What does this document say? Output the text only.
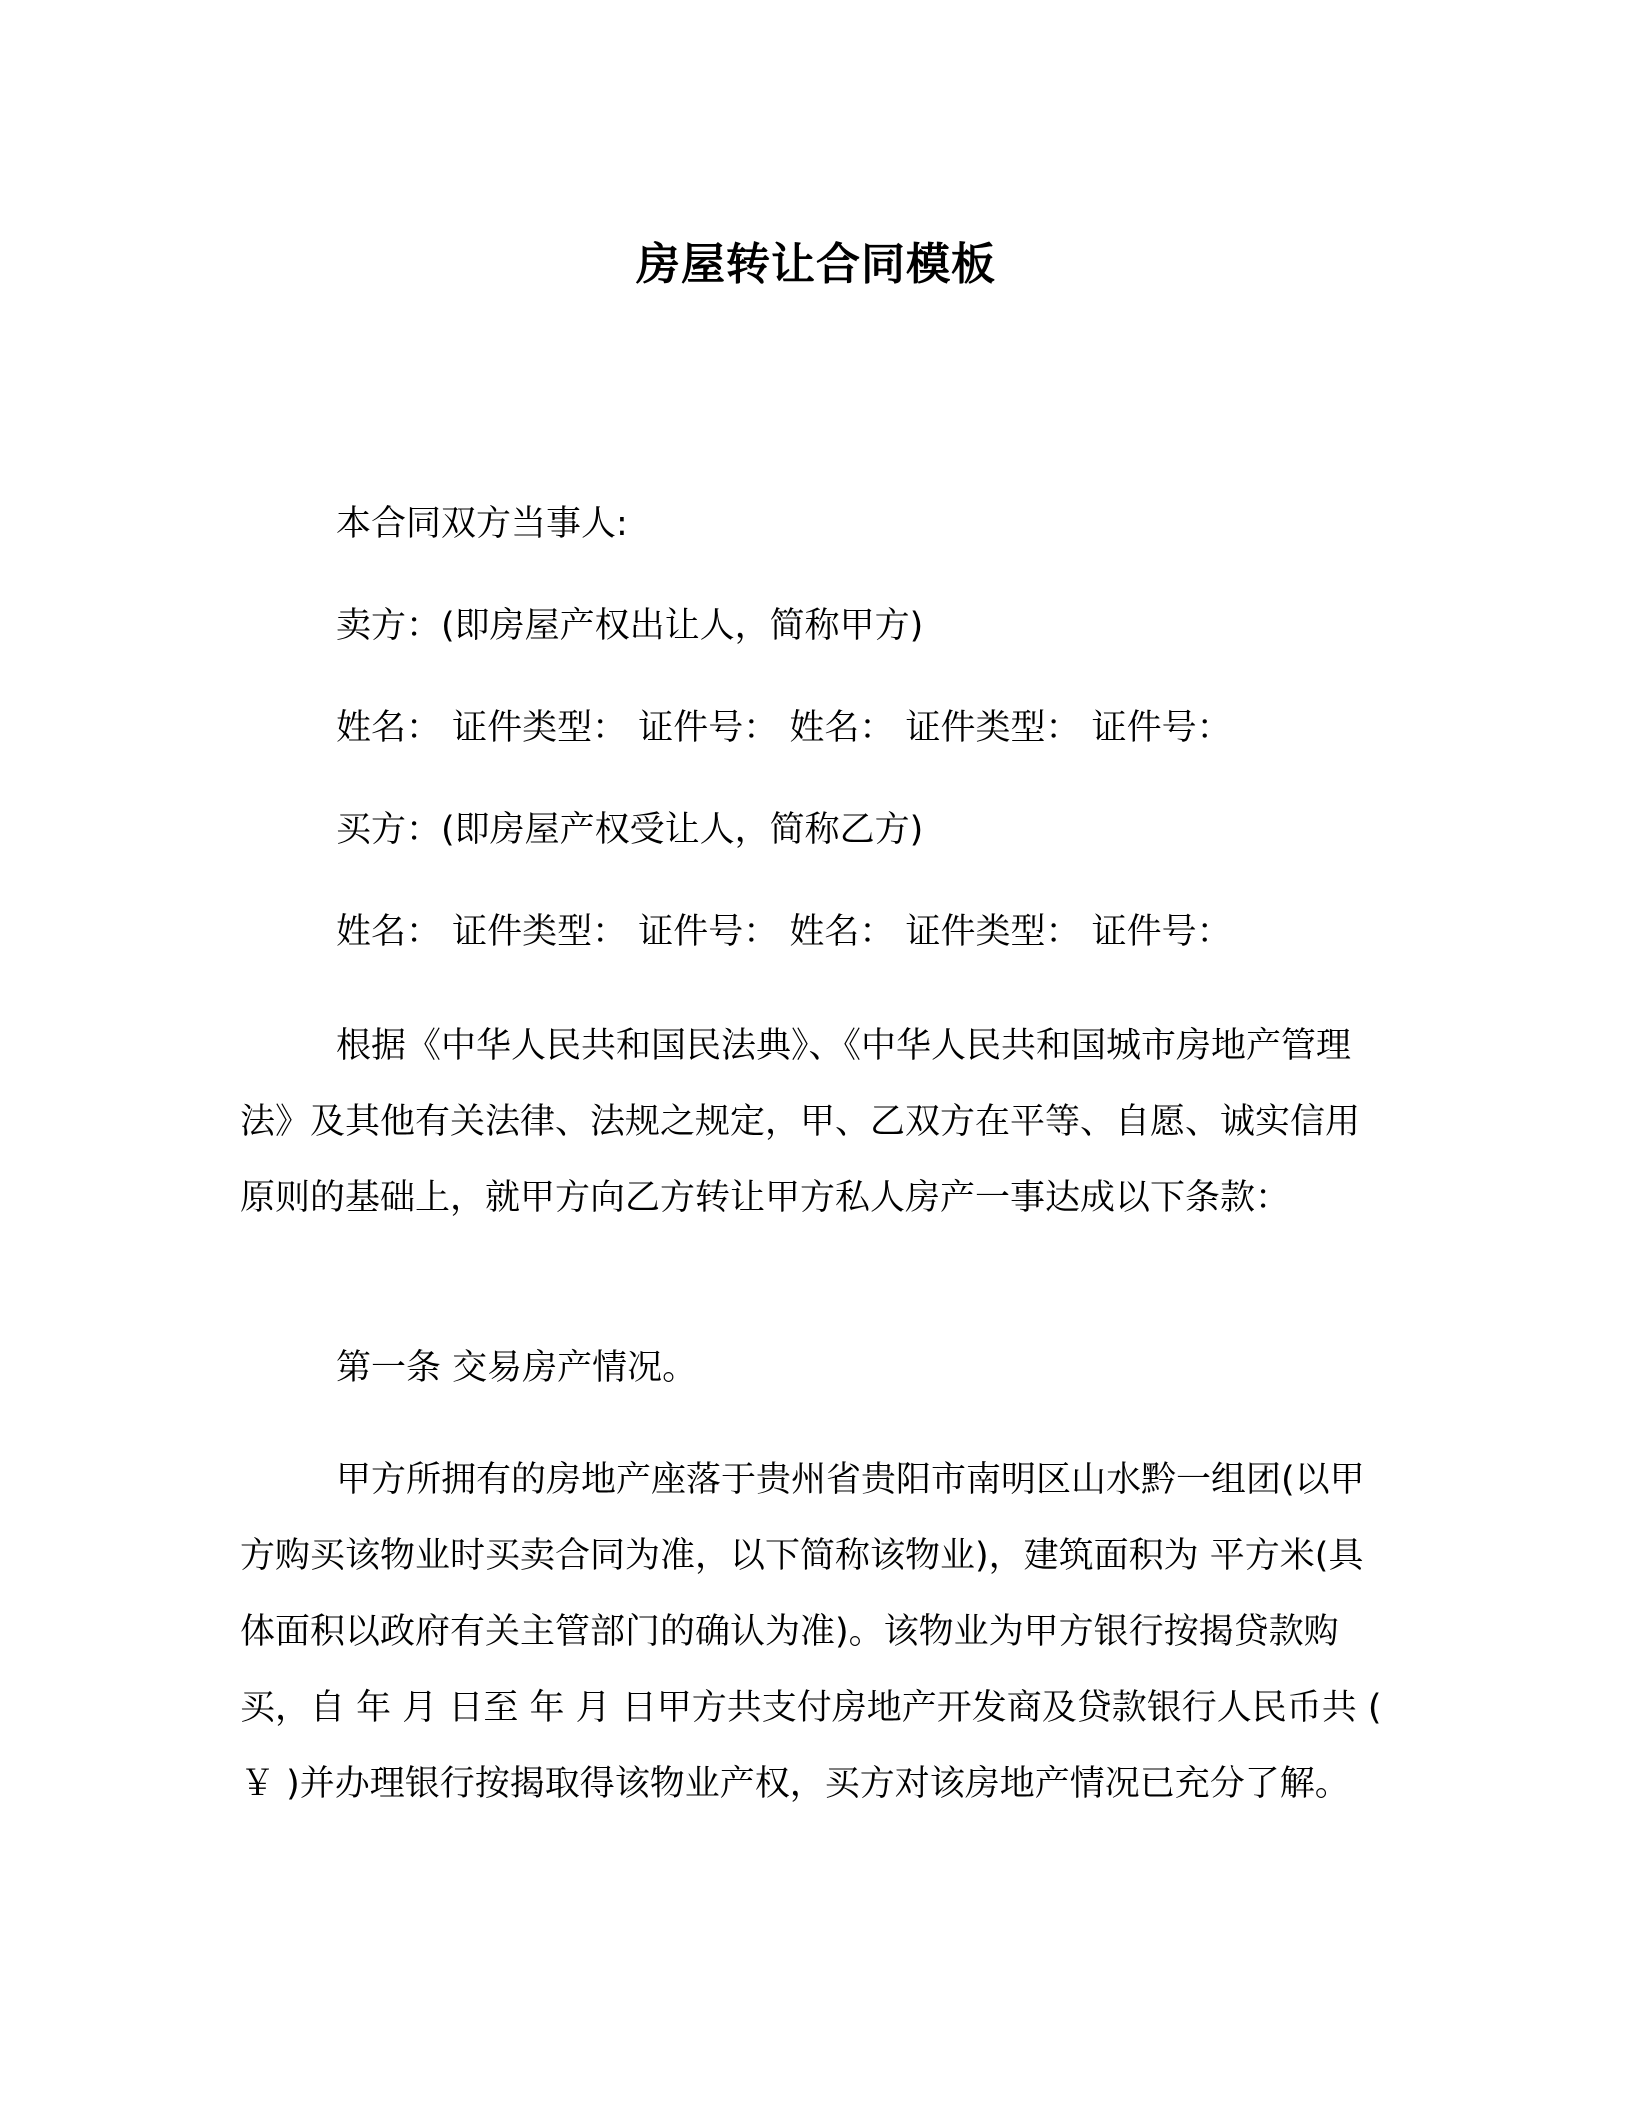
房屋转让合同模板

本合同双方当事人:

卖方：(即房屋产权出让人，简称甲方)

姓名： 证件类型： 证件号： 姓名： 证件类型： 证件号：

买方：(即房屋产权受让人，简称乙方)

姓名： 证件类型： 证件号： 姓名： 证件类型： 证件号：

根据《中华人民共和国民法典》、《中华人民共和国城市房地产管理法》及其他有关法律、法规之规定，甲、乙双方在平等、自愿、诚实信用原则的基础上，就甲方向乙方转让甲方私人房产一事达成以下条款：

第一条 交易房产情况。

甲方所拥有的房地产座落于贵州省贵阳市南明区山水黔一组团(以甲方购买该物业时买卖合同为准，以下简称该物业)，建筑面积为 平方米(具体面积以政府有关主管部门的确认为准)。该物业为甲方银行按揭贷款购买，自 年 月 日至 年 月 日甲方共支付房地产开发商及贷款银行人民币共 ( ￥ )并办理银行按揭取得该物业产权，买方对该房地产情况已充分了解。
